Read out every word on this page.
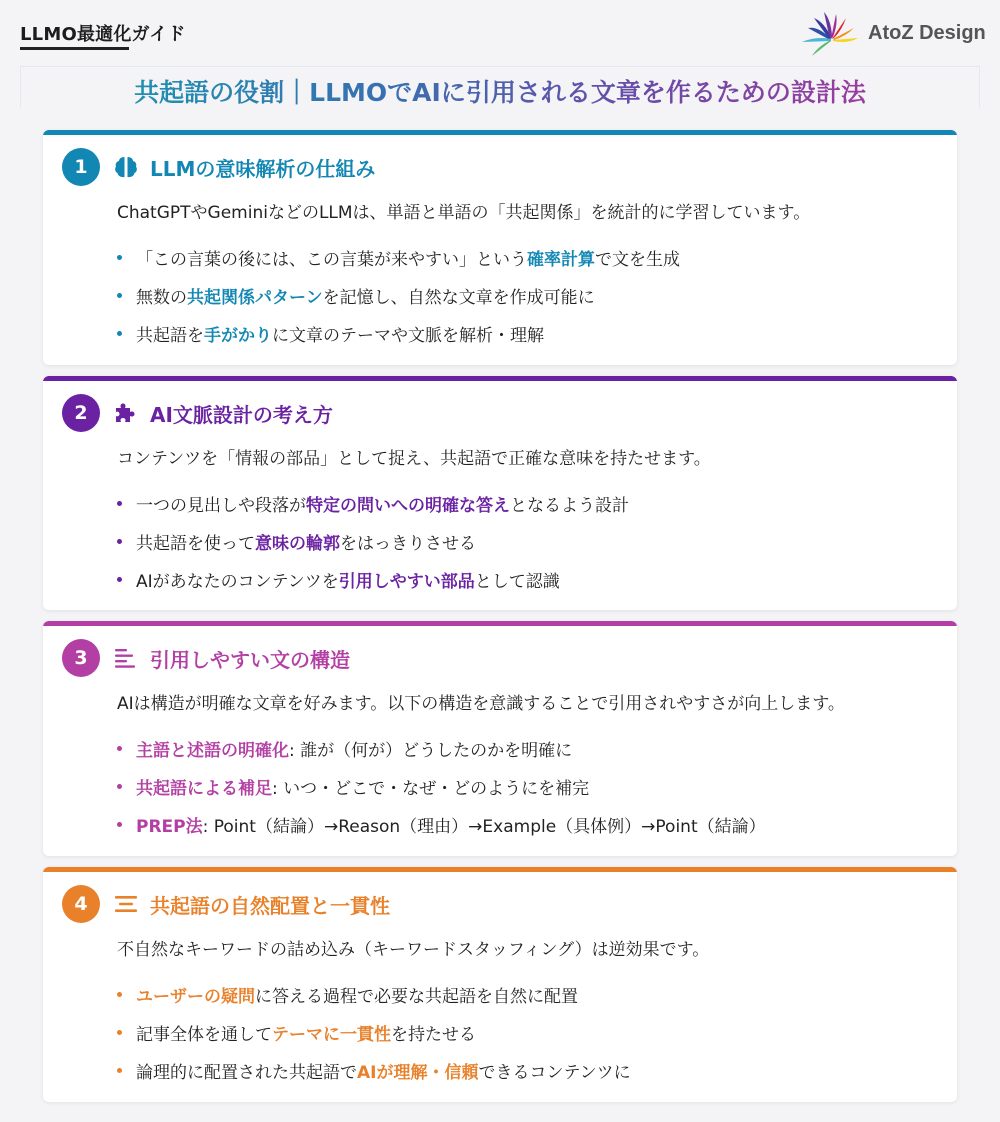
LLMO最適化ガイド	AtoZ Design
共起語の役割｜LLMOでAIに引用される文章を作るための設計法
1	LLMの意味解析の仕組み

ChatGPTやGeminiなどのLLMは、単語と単語の「共起関係」を統計的に学習しています。

「この言葉の後には、この言葉が来やすい」という 確率計算 で文を生成
無数の 共起関係パターン を記憶し、自然な文章を作成可能に
共起語を 手がかり に文章のテーマや文脈を解析・理解
2	AI文脈設計の考え方

コンテンツを「情報の部品」として捉え、共起語で正確な意味を持たせます。

一つの見出しや段落が 特定の問いへの明確な答え となるよう設計
共起語を使って 意味の輪郭 をはっきりさせる
AIがあなたのコンテンツを 引用しやすい部品 として認識
3	引用しやすい文の構造

AIは構造が明確な文章を好みます。以下の構造を意識することで引用されやすさが向上します。

主語と述語の明確化 : 誰が（何が）どうしたのかを明確に
共起語による補足 : いつ・どこで・なぜ・どのようにを補完
PREP法 : Point（結論）→Reason（理由）→Example（具体例）→Point（結論）
4	共起語の自然配置と一貫性

不自然なキーワードの詰め込み（キーワードスタッフィング）は逆効果です。

ユーザーの疑問 に答える過程で必要な共起語を自然に配置
記事全体を通して テーマに一貫性 を持たせる
論理的に配置された共起語で AIが理解・信頼 できるコンテンツに
